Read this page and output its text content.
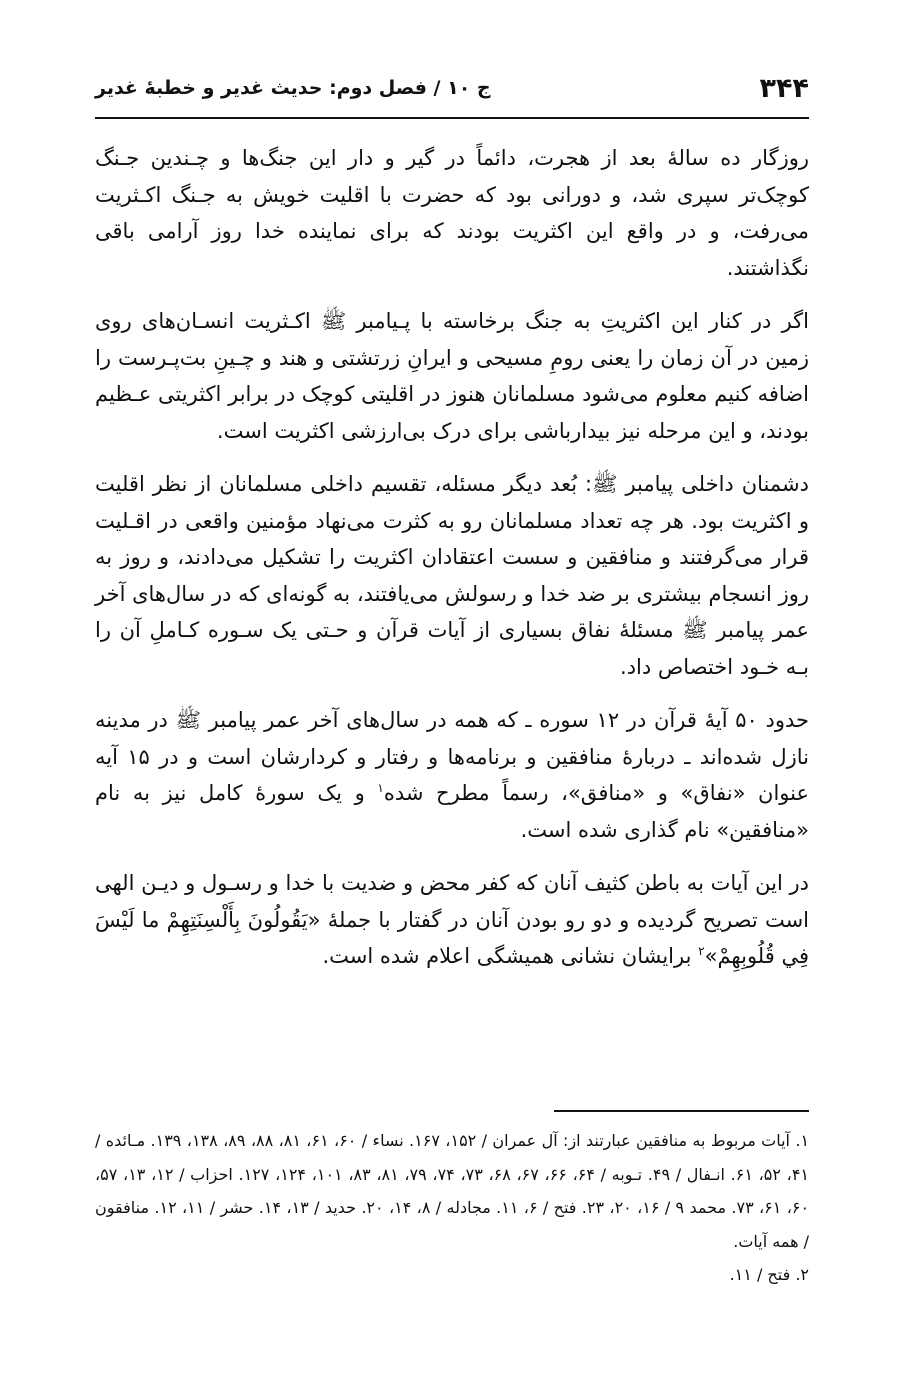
۳۴۴
ج ۱۰ / فصل دوم: حدیث غدیر و خطبهٔ غدیر

روزگار ده سالهٔ بعد از هجرت، دائماً در گیر و دار این جنگ‌ها و چـندین جـنگ کوچک‌تر سپری شد، و دورانی بود که حضرت با اقلیت خویش به جـنگ اکـثریت می‌رفت، و در واقع این اکثریت بودند که برای نماینده خدا روز آرامی باقی نگذاشتند.

اگر در کنار این اکثریتِ به جنگ برخاسته با پـیامبر ﷺ اکـثریت انسـان‌های روی زمین در آن زمان را یعنی رومِ مسیحی و ایرانِ زرتشتی و هند و چـینِ بت‌پـرست را اضافه کنیم معلوم می‌شود مسلمانان هنوز در اقلیتی کوچک در برابر اکثریتی عـظیم بودند، و این مرحله نیز بیدارباشی برای درک بی‌ارزشی اکثریت است.

دشمنان داخلی پیامبر ﷺ: بُعد دیگر مسئله، تقسیم داخلی مسلمانان از نظر اقلیت و اکثریت بود. هر چه تعداد مسلمانان رو به کثرت می‌نهاد مؤمنین واقعی در اقـلیت قرار می‌گرفتند و منافقین و سست اعتقادان اکثریت را تشکیل می‌دادند، و روز به روز انسجام بیشتری بر ضد خدا و رسولش می‌یافتند، به گونه‌ای که در سال‌های آخر عمر پیامبر ﷺ مسئلهٔ نفاق بسیاری از آیات قرآن و حـتی یک سـوره کـاملِ آن را بـه خـود اختصاص داد.

حدود ۵۰ آیهٔ قرآن در ۱۲ سوره ـ که همه در سال‌های آخر عمر پیامبر ﷺ در مدینه نازل شده‌اند ـ دربارهٔ منافقین و برنامه‌ها و رفتار و کردارشان است و در ۱۵ آیه عنوان «نفاق» و «منافق»، رسماً مطرح شده$^۱$ و یک سورهٔ کامل نیز به نام «منافقین» نام گذاری شده است.

در این آیات به باطن کثیف آنان که کفر محض و ضدیت با خدا و رسـول و دیـن الهی است تصریح گردیده و دو رو بودن آنان در گفتار با جملهٔ «يَقُولُونَ بِأَلْسِنَتِهِمْ ما لَيْسَ فِي قُلُوبِهِمْ»$^۲$ برایشان نشانی همیشگی اعلام شده است.

۱. آیات مربوط به منافقین عبارتند از: آل عمران / ۱۵۲، ۱۶۷. نساء / ۶۰، ۶۱، ۸۱، ۸۸، ۸۹، ۱۳۸، ۱۳۹. مـائده / ۴۱، ۵۲، ۶۱. انـفال / ۴۹. تـوبه / ۶۴، ۶۶، ۶۷، ۶۸، ۷۳، ۷۴، ۷۹، ۸۱، ۸۳، ۱۰۱، ۱۲۴، ۱۲۷. احزاب / ۱۲، ۱۳، ۵۷، ۶۰، ۶۱، ۷۳. محمد ۹ / ۱۶، ۲۰، ۲۳. فتح / ۶، ۱۱. مجادله / ۸، ۱۴، ۲۰. حدید / ۱۳، ۱۴. حشر / ۱۱، ۱۲. منافقون / همه آیات.

۲. فتح / ۱۱.
